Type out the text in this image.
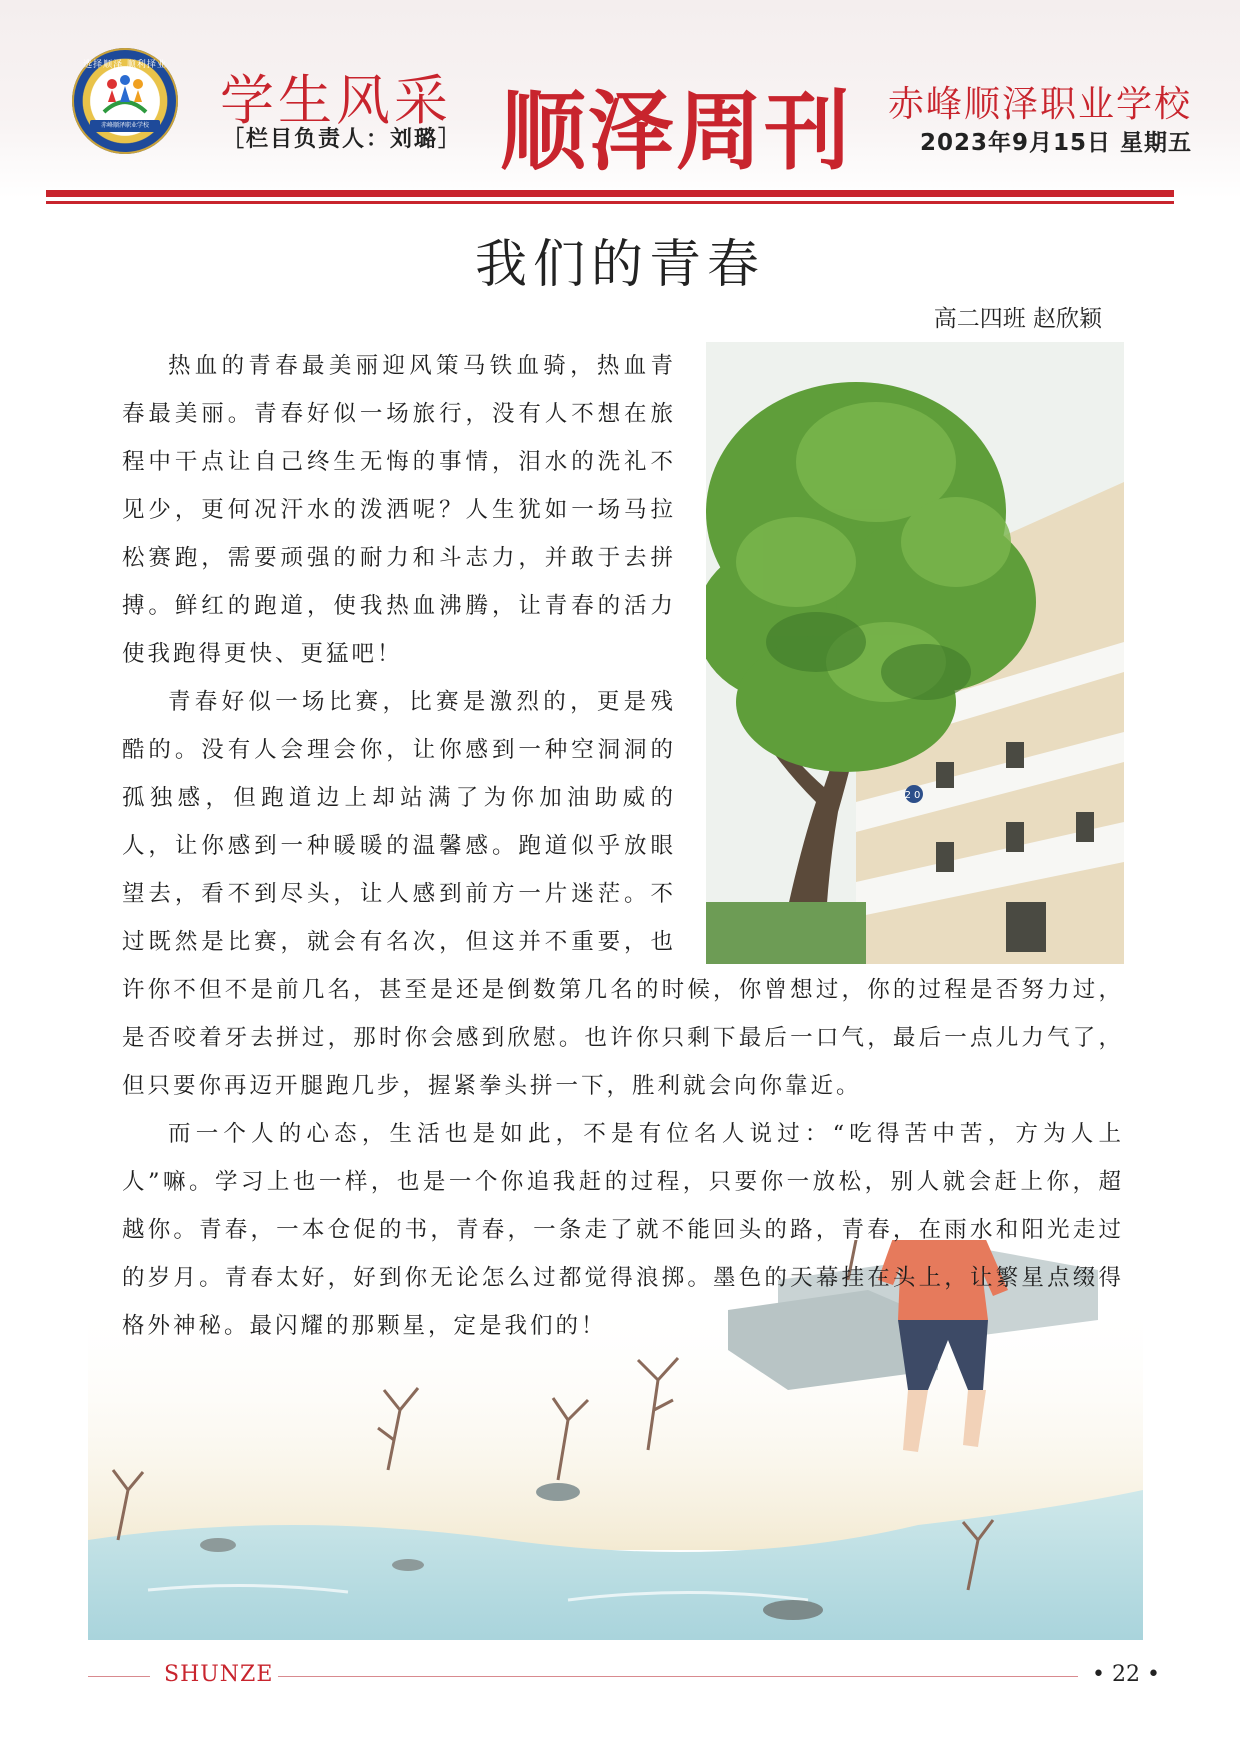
选择顺泽 顺利择业
赤峰顺泽职业学校 学生风采
［栏目负责人：刘璐］ 顺泽周刊 赤峰顺泽职业学校
2023年9月15日 星期五
我们的青春
高二四班 赵欣颖
20

热血的青春最美丽迎风策马铁血骑，热血青春最美丽。青春好似一场旅行，没有人不想在旅程中干点让自己终生无悔的事情，泪水的洗礼不见少，更何况汗水的泼洒呢？人生犹如一场马拉松赛跑，需要顽强的耐力和斗志力，并敢于去拼搏。鲜红的跑道，使我热血沸腾，让青春的活力使我跑得更快、更猛吧！

青春好似一场比赛，比赛是激烈的，更是残酷的。没有人会理会你，让你感到一种空洞洞的孤独感，但跑道边上却站满了为你加油助威的人，让你感到一种暖暖的温馨感。跑道似乎放眼望去，看不到尽头，让人感到前方一片迷茫。不过既然是比赛，就会有名次，但这并不重要，也许你不但不是前几名，甚至是还是倒数第几名的时候，你曾想过，你的过程是否努力过，是否咬着牙去拼过，那时你会感到欣慰。也许你只剩下最后一口气，最后一点儿力气了，但只要你再迈开腿跑几步，握紧拳头拼一下，胜利就会向你靠近。

而一个人的心态，生活也是如此，不是有位名人说过：“吃得苦中苦，方为人上人”嘛。学习上也一样，也是一个你追我赶的过程，只要你一放松，别人就会赶上你，超越你。青春，一本仓促的书，青春，一条走了就不能回头的路，青春，在雨水和阳光走过的岁月。青春太好，好到你无论怎么过都觉得浪掷。墨色的天幕挂在头上，让繁星点缀得格外神秘。最闪耀的那颗星，定是我们的！

SHUNZE	• 22 •
